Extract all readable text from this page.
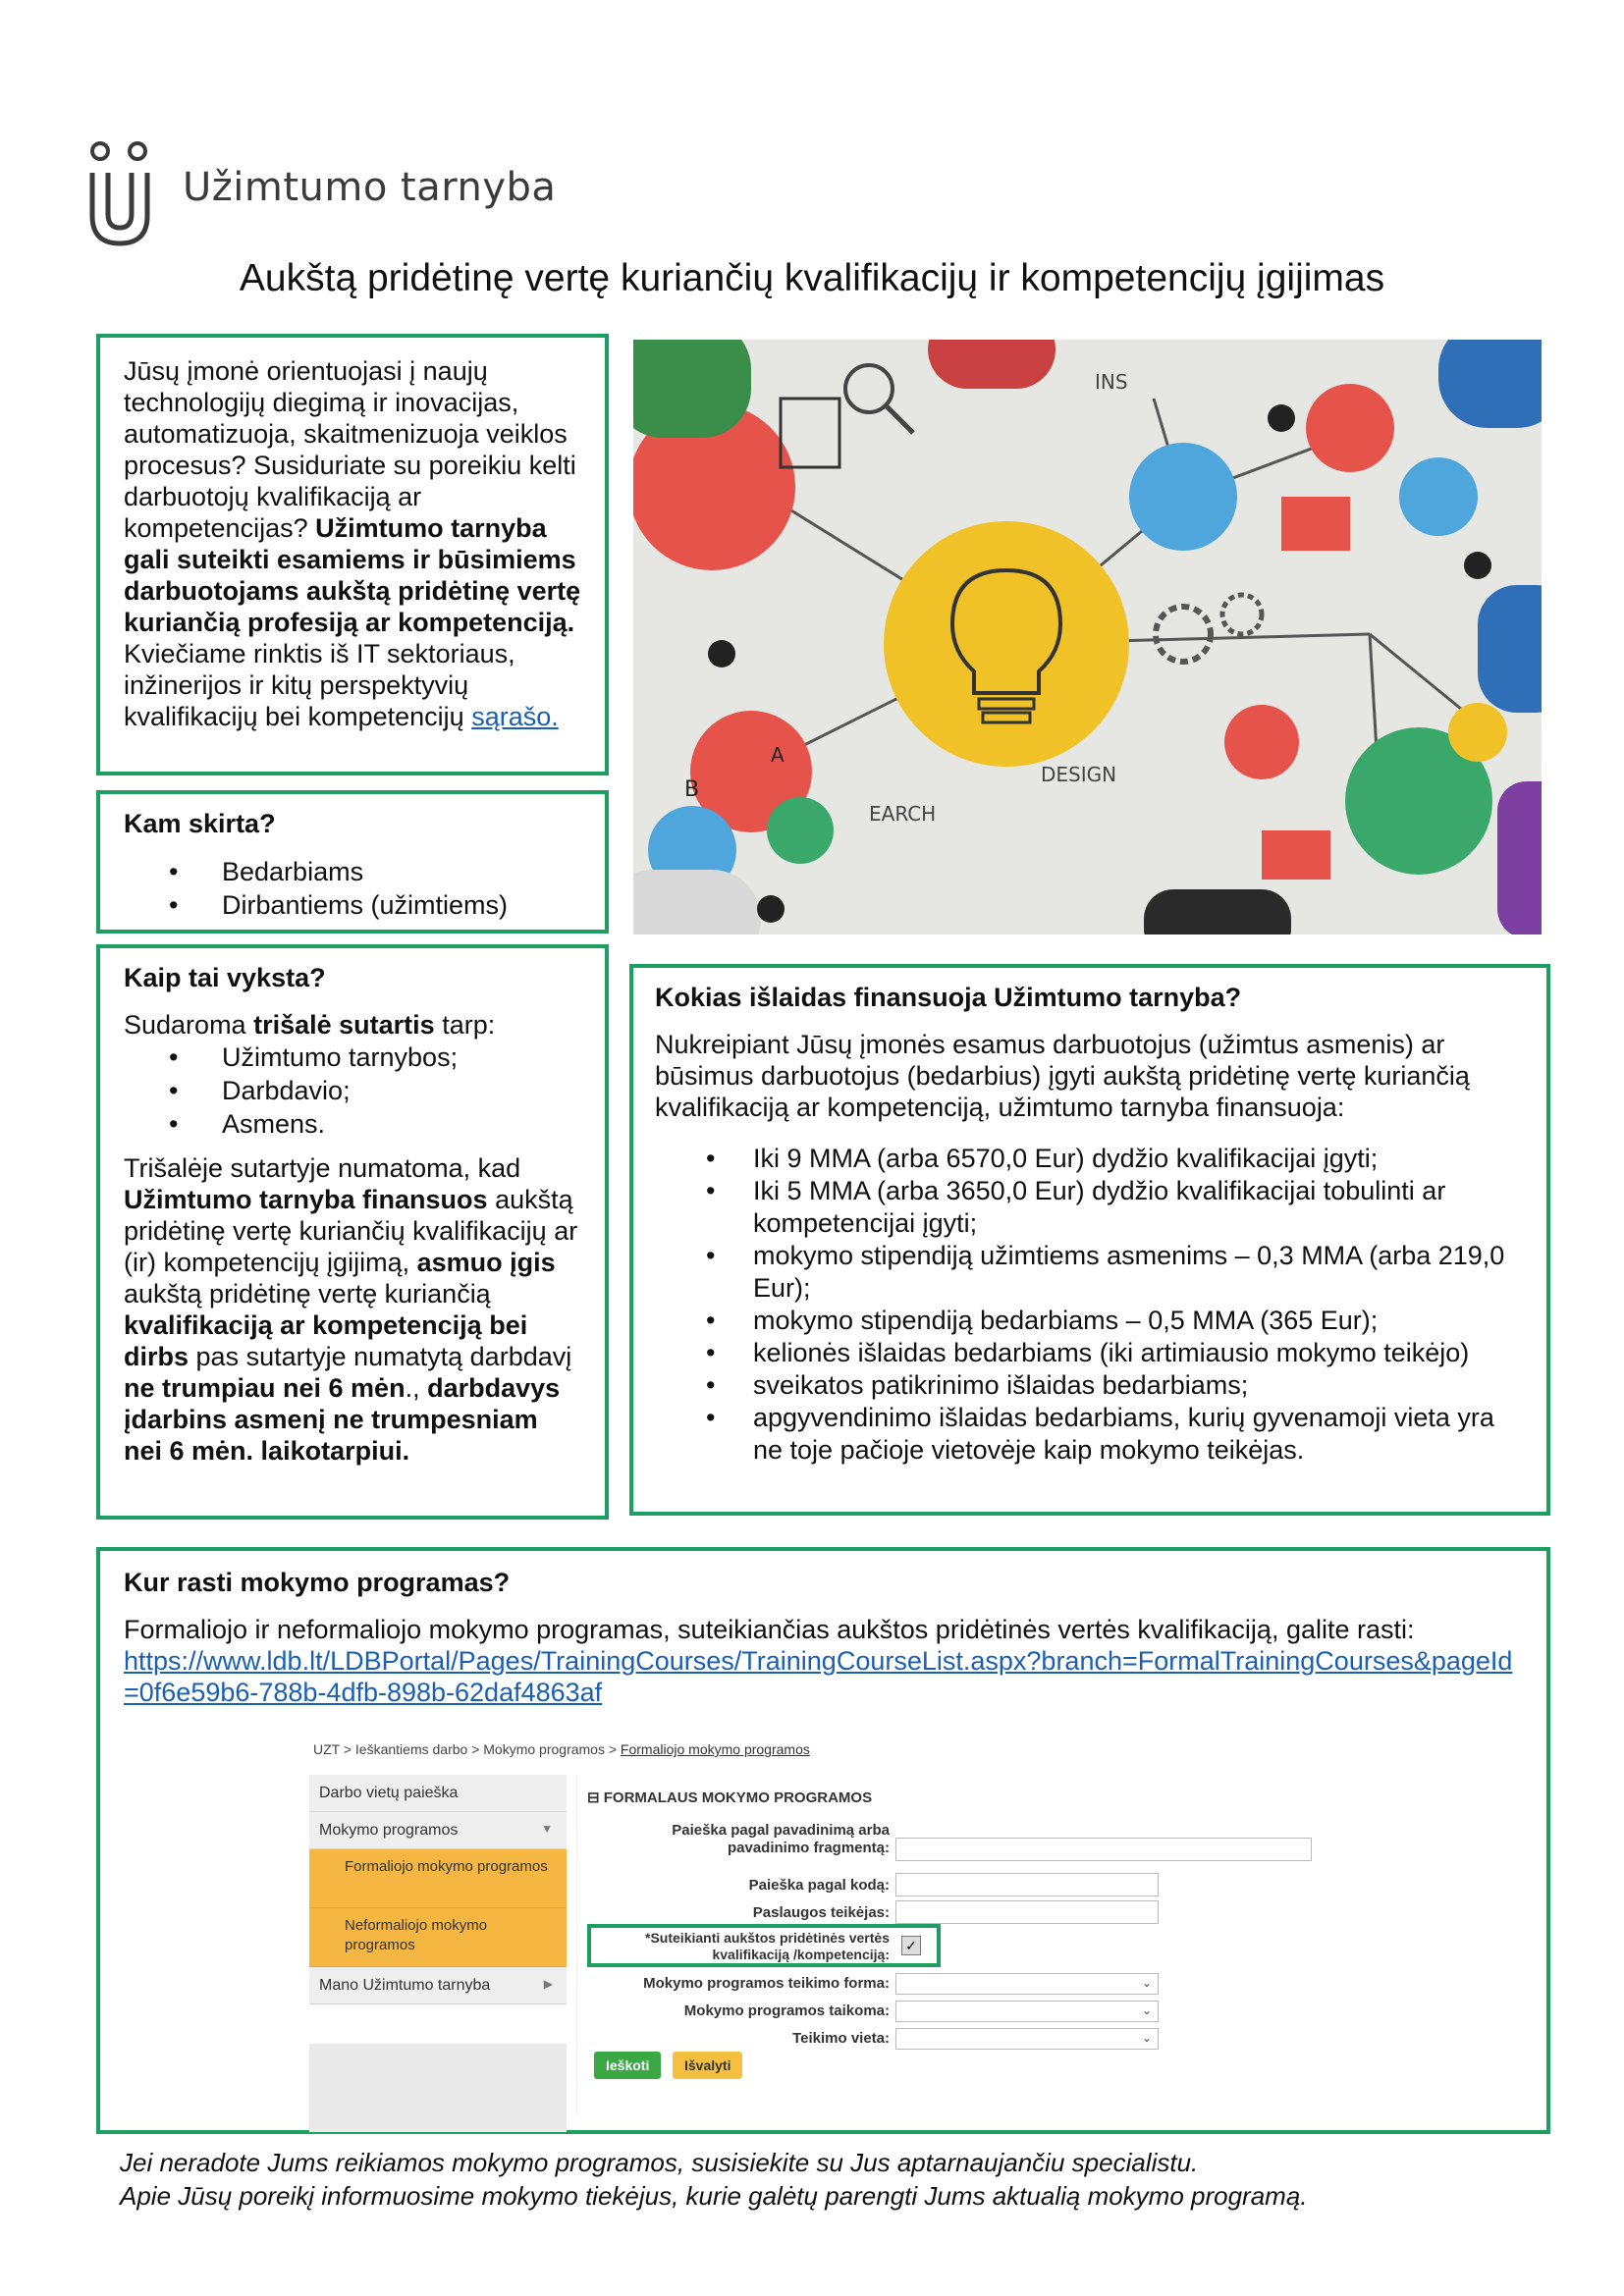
Užimtumo tarnyba
Aukštą pridėtinę vertę kuriančių kvalifikacijų ir kompetencijų įgijimas

Jūsų įmonė orientuojasi į naujų technologijų diegimą ir inovacijas, automatizuoja, skaitmenizuoja veiklos procesus? Susiduriate su poreikiu kelti darbuotojų kvalifikaciją ar kompetencijas? Užimtumo tarnyba gali suteikti esamiems ir būsimiems darbuotojams aukštą pridėtinę vertę kuriančią profesiją ar kompetenciją. Kviečiame rinktis iš IT sektoriaus, inžinerijos ir kitų perspektyvių kvalifikacijų bei kompetencijų sąrašo.

Kam skirta?
• Bedarbiams
• Dirbantiems (užimtiems)
INS
DESIGN
B
A
EARCH
Kaip tai vyksta?

Sudaroma trišalė sutartis tarp:

• Užimtumo tarnybos;
• Darbdavio;
• Asmens.

Trišalėje sutartyje numatoma, kad Užimtumo tarnyba finansuos aukštą pridėtinę vertę kuriančių kvalifikacijų ar (ir) kompetencijų įgijimą, asmuo įgis aukštą pridėtinę vertę kuriančią kvalifikaciją ar kompetenciją bei dirbs pas sutartyje numatytą darbdavį ne trumpiau nei 6 mėn., darbdavys įdarbins asmenį ne trumpesniam nei 6 mėn. laikotarpiui.

Kokias išlaidas finansuoja Užimtumo tarnyba?

Nukreipiant Jūsų įmonės esamus darbuotojus (užimtus asmenis) ar būsimus darbuotojus (bedarbius) įgyti aukštą pridėtinę vertę kuriančią kvalifikaciją ar kompetenciją, užimtumo tarnyba finansuoja:

• Iki 9 MMA (arba 6570,0 Eur) dydžio kvalifikacijai įgyti;
• Iki 5 MMA (arba 3650,0 Eur) dydžio kvalifikacijai tobulinti ar kompetencijai įgyti;
• mokymo stipendiją užimtiems asmenims – 0,3 MMA (arba 219,0 Eur);
• mokymo stipendiją bedarbiams – 0,5 MMA (365 Eur);
• kelionės išlaidas bedarbiams (iki artimiausio mokymo teikėjo)
• sveikatos patikrinimo išlaidas bedarbiams;
• apgyvendinimo išlaidas bedarbiams, kurių gyvenamoji vieta yra ne toje pačioje vietovėje kaip mokymo teikėjas.
Kur rasti mokymo programas?

Formaliojo ir neformaliojo mokymo programas, suteikiančias aukštos pridėtinės vertės kvalifikaciją, galite rasti:

https://www.ldb.lt/LDBPortal/Pages/TrainingCourses/TrainingCourseList.aspx?branch=FormalTrainingCourses&pageId=0f6e59b6-788b-4dfb-898b-62daf4863af
UZT > Ieškantiems darbo > Mokymo programos > Formaliojo mokymo programos
Darbo vietų paieška
Mokymo programos	▼
Formaliojo mokymo programos
Neformaliojo mokymo programos
Mano Užimtumo tarnyba	▶
⊟ FORMALAUS MOKYMO PROGRAMOS
Paieška pagal pavadinimą arba
pavadinimo fragmentą:
Paieška pagal kodą:
Paslaugos teikėjas:
*Suteikianti aukštos pridėtinės vertės
kvalifikaciją /kompetenciją:
✓
Mokymo programos teikimo forma:	⌄
Mokymo programos taikoma:	⌄
Teikimo vieta:	⌄
Ieškoti	Išvalyti
Jei neradote Jums reikiamos mokymo programos, susisiekite su Jus aptarnaujančiu specialistu.
Apie Jūsų poreikį informuosime mokymo tiekėjus, kurie galėtų parengti Jums aktualią mokymo programą.
